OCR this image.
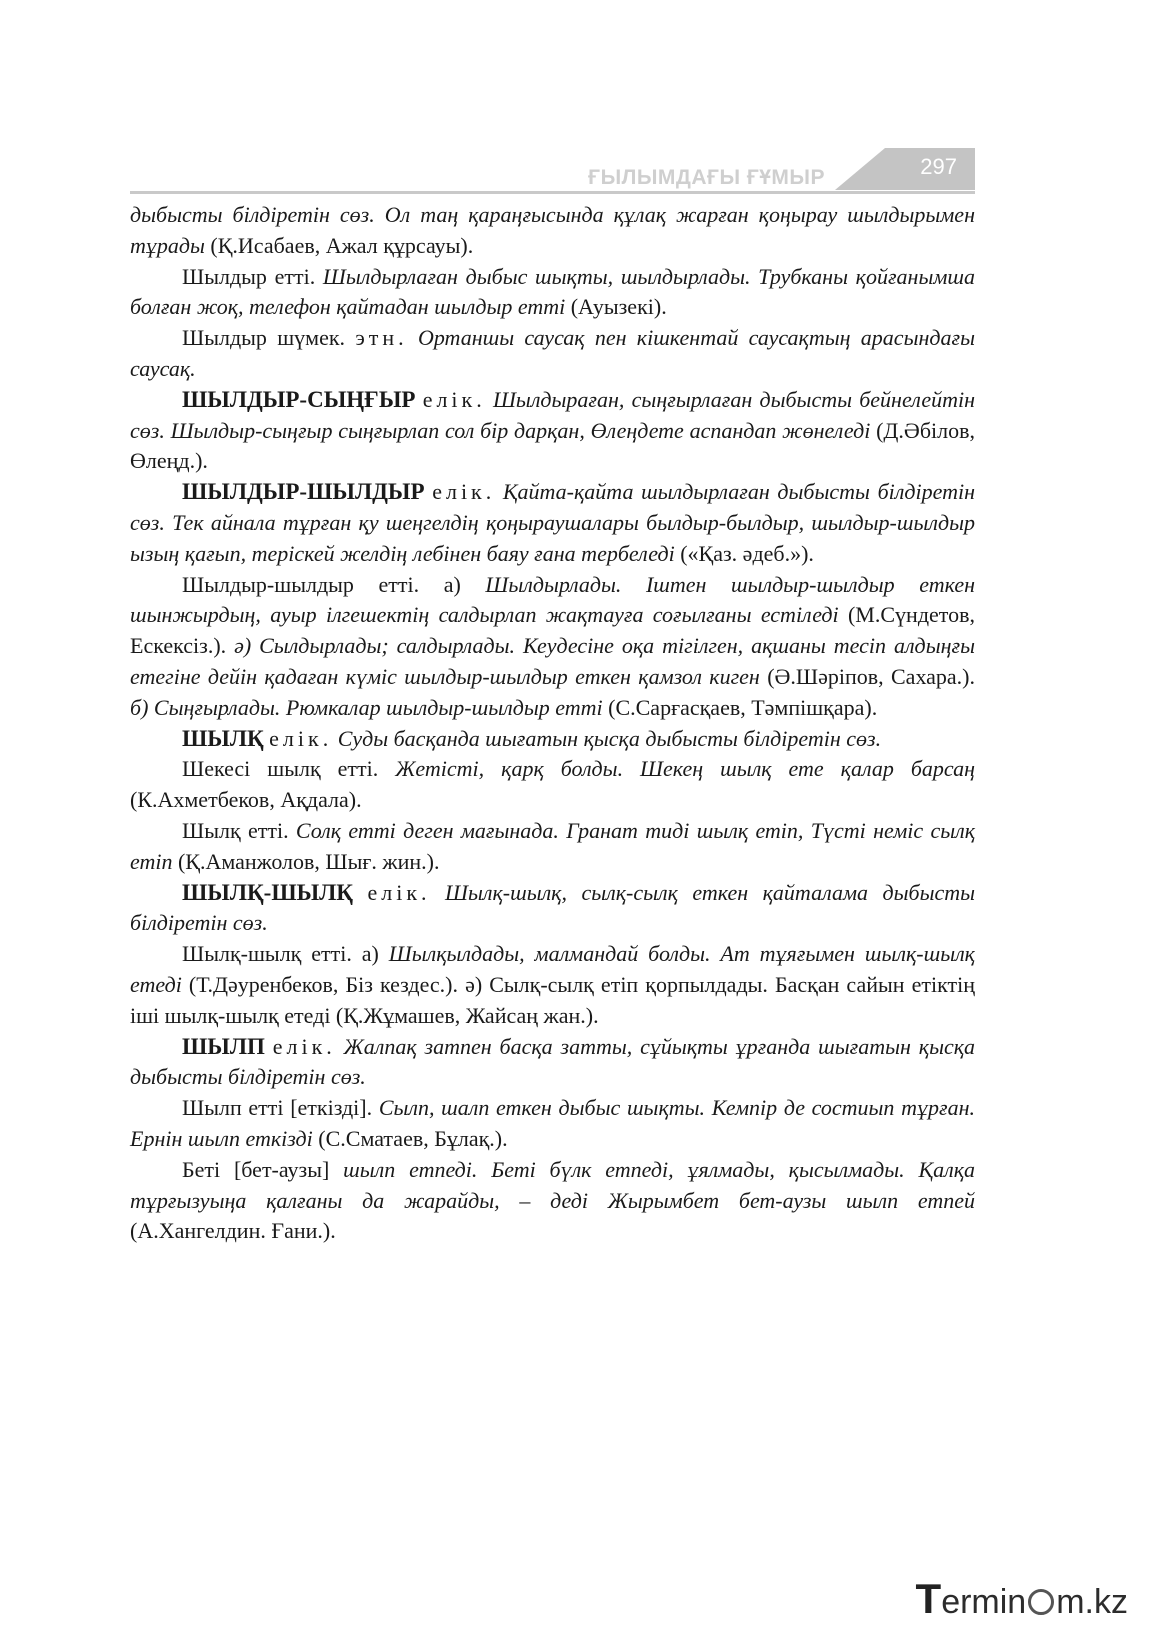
ҒЫЛЫМДАҒЫ ҒҰМЫР	297

дыбысты білдіретін сөз. Ол таң қараңғысында құлақ жарған қоңырау шылдырымен тұрады (Қ.Исабаев, Ажал құрсауы).

Шылдыр етті. Шылдырлаған дыбыс шықты, шылдырлады. Трубканы қойғанымша болған жоқ, телефон қайтадан шылдыр етті (Ауызекі).

Шылдыр шүмек. этн. Ортаншы саусақ пен кішкентай саусақтың арасындағы саусақ.

ШЫЛДЫР-СЫҢҒЫР елік. Шылдыраған, сыңғырлаған дыбысты бейнелейтін сөз. Шылдыр-сыңғыр сыңғырлап сол бір дарқан, Өлеңдете аспандап жөнеледі (Д.Әбілов, Өлеңд.).

ШЫЛДЫР-ШЫЛДЫР елік. Қайта-қайта шылдырлаған дыбысты білдіретін сөз. Тек айнала тұрған қу шеңгелдің қоңыраушалары былдыр-былдыр, шылдыр-шылдыр ызың қағып, теріскей желдің лебінен баяу ғана тербеледі («Қаз. әдеб.»).

Шылдыр-шылдыр етті. а) Шылдырлады. Іштен шылдыр-шылдыр еткен шынжырдың, ауыр ілгешектің салдырлап жақтауға соғылғаны естіледі (М.Сүндетов, Ескексіз.). ә) Сылдырлады; салдырлады. Кеудесіне оқа тігілген, ақшаны тесіп алдыңғы етегіне дейін қадаған күміс шылдыр-шылдыр еткен қамзол киген (Ә.Шәріпов, Сахара.). б) Сыңғырлады. Рюмкалар шылдыр-шылдыр етті (С.Сарғасқаев, Тәмпішқара).

ШЫЛҚ елік. Суды басқанда шығатын қысқа дыбысты білдіретін сөз.

Шекесі шылқ етті. Жетісті, қарқ болды. Шекең шылқ ете қалар барсаң (К.Ахметбеков, Ақдала).

Шылқ етті. Солқ етті деген мағынада. Гранат тиді шылқ етіп, Түсті неміс сылқ етіп (Қ.Аманжолов, Шығ. жин.).

ШЫЛҚ-ШЫЛҚ елік. Шылқ-шылқ, сылқ-сылқ еткен қайталама дыбысты білдіретін сөз.

Шылқ-шылқ етті. а) Шылқылдады, малмандай болды. Ат тұяғымен шылқ-шылқ етеді (Т.Дәуренбеков, Біз кездес.). ә) Сылқ-сылқ етіп қорпылдады. Басқан сайын етіктің іші шылқ-шылқ етеді (Қ.Жұмашев, Жайсаң жан.).

ШЫЛП елік. Жалпақ затпен басқа затты, сұйықты ұрғанда шығатын қысқа дыбысты білдіретін сөз.

Шылп етті [еткізді]. Сылп, шалп еткен дыбыс шықты. Кемпір де состиып тұрған. Ернін шылп еткізді (С.Сматаев, Бұлақ.).

Беті [бет-аузы] шылп етпеді. Беті бүлк етпеді, ұялмады, қысылмады. Қалқа тұрғызуыңа қалғаны да жарайды, – деді Жырымбет бет-аузы шылп етпей (А.Хангелдин. Ғани.).

Termin m.kz
